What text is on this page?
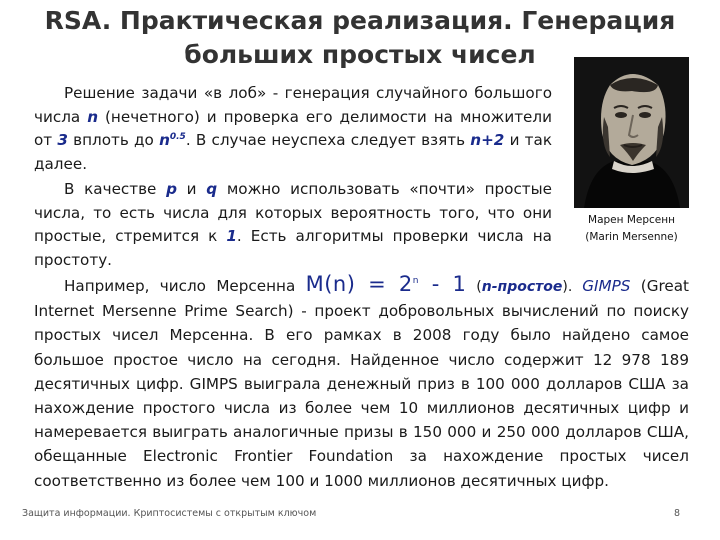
RSA. Практическая реализация. Генерация
больших простых чисел

Решение задачи «в лоб» - генерация случайного большого числа n (нечетного) и проверка его делимости на множители от 3 вплоть до $n^{0.5}$. В случае неуспеха следует взять n+2 и так далее.

В качестве p и q можно использовать «почти» простые числа, то есть числа для которых вероятность того, что они простые, стремится к 1. Есть алгоритмы проверки числа на простоту.

Например, число Мерсенна $M(n) = 2^n - 1$ (n-простое). GIMPS (Great Internet Mersenne Prime Search) - проект добровольных вычислений по поиску простых чисел Мерсенна. В его рамках в 2008 году было найдено самое большое простое число на сегодня. Найденное число содержит 12 978 189 десятичных цифр. GIMPS выиграла денежный приз в 100 000 долларов США за нахождение простого числа из более чем 10 миллионов десятичных цифр и намеревается выиграть аналогичные призы в 150 000 и 250 000 долларов США, обещанные Electronic Frontier Foundation за нахождение простых чисел соответственно из более чем 100 и 1000 миллионов десятичных цифр.

Марен Мерсенн
(Marin Mersenne)
Защита информации. Криптосистемы с открытым ключом	8
